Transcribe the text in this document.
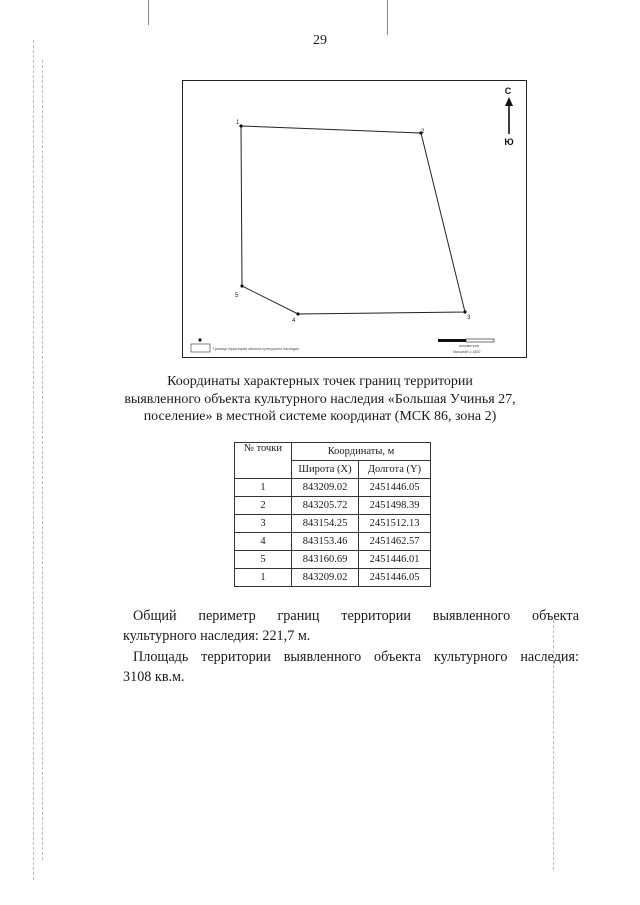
29
1
2
3
4
5
С
Ю
Граница территории объекта культурного наследия
километров
Масштаб 1:1500
Координаты характерных точек границ территории
выявленного объекта культурного наследия «Большая Учинья 27,
поселение» в местной системе координат (МСК 86, зона 2)
№ точки	Координаты, м	
	Широта (X)	Долгота (Y)
1	843209.02	2451446.05
2	843205.72	2451498.39
3	843154.25	2451512.13
4	843153.46	2451462.57
5	843160.69	2451446.01
1	843209.02	2451446.05
Общий периметр границ территории выявленного объекта
культурного наследия: 221,7 м.
Площадь территории выявленного объекта культурного наследия:
3108 кв.м.
